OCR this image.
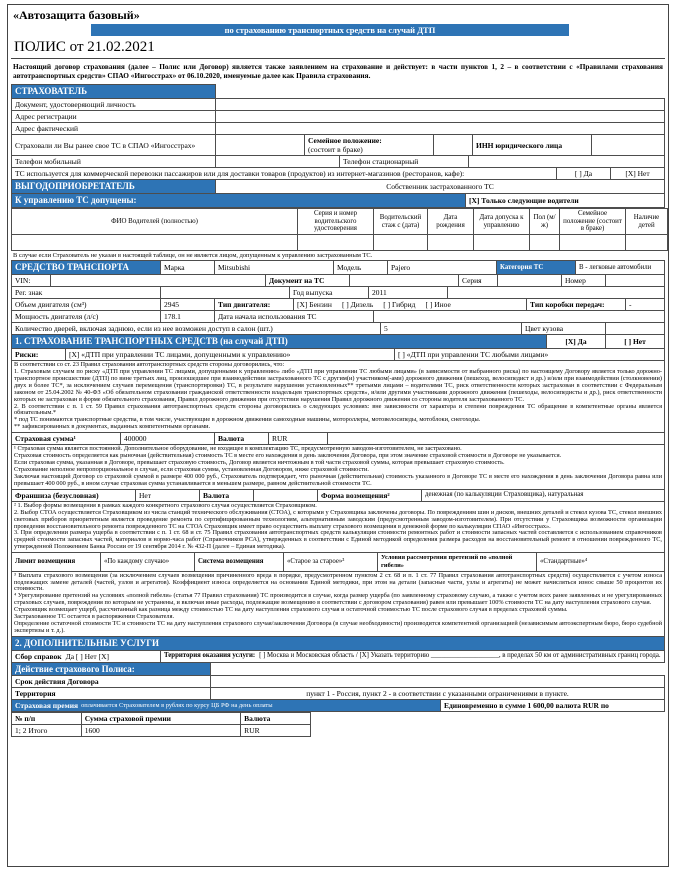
«Автозащита базовый»
по страхованию транспортных средств на случай ДТП
ПОЛИС от 21.02.2021
Настоящий договор страхования (далее – Полис или Договор) является также заявлением на страхование и действует: в части пунктов 1, 2 – в соответствии с «Правилами страхования автотранспортных средств» СПАО «Ингосстрах» от 06.10.2020, именуемые далее как Правила страхования.
СТРАХОВАТЕЛЬ
Документ, удостоверяющий личность
Адрес регистрации
Адрес фактический
Страховали ли Вы ранее свое ТС в СПАО «Ингосстрах»	Семейное положение:
(состоит в браке)	ИНН юридического лица
Телефон мобильный	Телефон стационарный
ТС используется для коммерческой перевозки пассажиров или для доставки товаров (продуктов) из интернет-магазинов (ресторанов, кафе):	[ ] Да	[X] Нет
ВЫГОДОПРИОБРЕТАТЕЛЬ	Собственник застрахованного ТС
К управлению ТС допущены:	[X] Только следующие водители
ФИО Водителей (полностью)	Серия и номер водительского удостоверения	Водительский стаж с (дата)	Дата рождения	Дата допуска к управлению	Пол (м/ж)	Семейное положение (состоит в браке)	Наличие детей

В случае если Страхователь не указан в настоящей таблице, он не является лицом, допущенным к управлению застрахованным ТС.
СРЕДСТВО ТРАНСПОРТА	Марка	Mitsubishi	Модель	Pajero	Категория ТС	В - легковые автомобили
VIN:	Документ на ТС	Серия	Номер
Рег. знак	Год выпуска	2011
Объем двигателя (см³)	2945	Тип двигателя:	[X] Бензин [ ] Дизель [ ] Гибрид [ ] Иное	Тип коробки передач:	-
Мощность двигателя (л/с)	178.1	Дата начала использования ТС
Количество дверей, включая заднюю, если из нее возможен доступ в салон (шт.)	5	Цвет кузова
1. СТРАХОВАНИЕ ТРАНСПОРТНЫХ СРЕДСТВ (на случай ДТП)	[X] Да	[ ] Нет
Риски:	[X] «ДТП при управлении ТС лицами, допущенными к управлению»	[ ] «ДТП при управлении ТС любыми лицами»

В соответствии со ст. 23 Правил страхования автотранспортных средств стороны договорились, что:

1. Страховым случаем по риску «ДТП при управлении ТС лицами, допущенными к управлению» либо «ДТП при управлении ТС любыми лицами» (в зависимости от выбранного риска) по настоящему Договору является только дорожно-транспортное происшествие (ДТП) по вине третьих лиц, произошедшее при взаимодействии застрахованного ТС с другим(и) участником(-ами) дорожного движения (пешеход, велосипедист и др.) и/или при взаимодействии (столкновении) двух и более ТС*, за исключением случаев перемещения (транспортировки) ТС, в результате нарушения установленных** третьими лицами – водителями ТС, риск ответственности которых застрахован в соответствии с Федеральным законом от 25.04.2002 № 40-ФЗ «Об обязательном страховании гражданской ответственности владельцев транспортных средств», и/или другими участниками дорожного движения (пешеходы, велосипедисты и др.), риск ответственности которых не застрахован в форме обязательного страхования, Правил дорожного движения при отсутствии нарушения Правил дорожного движения со стороны водителя застрахованного ТС.

2. В соответствии с п. 1 ст. 59 Правил страхования автотранспортных средств стороны договорились о следующих условиях: вне зависимости от характера и степени повреждения ТС обращение в компетентные органы является обязательным.*

* под ТС понимаются транспортные средства, в том числе, участвующие в дорожном движении самоходные машины, мотороллеры, мотовелосипеды, мотоблоки, снегоходы.

** зафиксированных в документах, выданных компетентными органами.

Страховая сумма¹	400000	Валюта	RUR

¹ Страховая сумма является постоянной. Дополнительное оборудование, не входящее в комплектацию ТС, предусмотренную заводом-изготовителем, не застраховано.

Страховая стоимость определяется как рыночная (действительная) стоимость ТС в месте его нахождения в день заключения Договора, при этом значение страховой стоимости в Договоре не указывается.

Если страховая сумма, указанная в Договоре, превышает страховую стоимость, Договор является ничтожным в той части страховой суммы, которая превышает страховую стоимость.

Страхование неполное непропорциональное в случае, если страховая сумма, установленная Договором, ниже страховой стоимости.

Заключая настоящий Договор со страховой суммой в размере 400 000 руб., Страхователь подтверждает, что рыночная (действительная) стоимость указанного в Договоре ТС в месте его нахождения в день заключения Договора равна или превышает 400 000 руб., в ином случае страховая сумма устанавливается в меньшем размере, равном действительной стоимости ТС.

Франшиза (безусловная)	Нет	Валюта	Форма возмещения²	денежная (по калькуляции Страховщика), натуральная

² 1. Выбор формы возмещения в рамках каждого конкретного страхового случая осуществляется Страховщиком.

2. Выбор СТОА осуществляется Страховщиком из числа станций технического обслуживания (СТОА), с которыми у Страховщика заключены договоры. По повреждениям шин и дисков, внешних деталей и стекол кузова ТС, стекол внешних световых приборов приоритетным является проведение ремонта по сертифицированным технологиям, альтернативным заводским (предусмотренным заводом-изготовителем). При отсутствии у Страховщика возможности организации проведения восстановительного ремонта поврежденного ТС на СТОА Страховщик имеет право осуществить выплату страхового возмещения в денежной форме по калькуляции СПАО «Ингосстрах».

3. При определении размера ущерба в соответствии с п. 1 ст. 68 и ст. 75 Правил страхования автотранспортных средств калькуляция стоимости ремонтных работ и стоимости запасных частей составляется с использованием справочников средней стоимости запасных частей, материалов и нормо-часа работ (Справочников РСА), утвержденных в соответствии с Единой методикой определения размера расходов на восстановительный ремонт в отношении поврежденного ТС, утвержденной Положением Банка России от 19 сентября 2014 г. № 432-П (далее – Единая методика).

Лимит возмещения	«По каждому случаю»	Система возмещения	«Старое за старое»³
Условия рассмотрения претензий по «полной гибели»
«Стандартные»⁴

³ Выплата страхового возмещения (за исключением случаев возмещения причиненного вреда в порядке, предусмотренном пунктом 2 ст. 68 и п. 1 ст. 77 Правил страхования автотранспортных средств) осуществляется с учетом износа подлежащих замене деталей (частей, узлов и агрегатов). Коэффициент износа определяется на основании Единой методики, при этом на детали (запасные части, узлы и агрегаты) не может начисляться износ свыше 50 процентов их стоимости.

⁴ Урегулирование претензий на условиях «полной гибели» (статья 77 Правил страхования) ТС производится в случае, когда размер ущерба (по заявленному страховому случаю, а также с учетом всех ранее заявленных и не урегулированных страховых случаев, повреждения по которым не устранены, и включая иные расходы, подлежащие возмещению в соответствии с договором страхования) равен или превышает 100% стоимости ТС на дату наступления страхового случая.

Страховщик возмещает ущерб, рассчитанный как разница между стоимостью ТС на дату наступления страхового случая и остаточной стоимостью ТС после страхового случая в пределах страховой суммы.

Застрахованное ТС остается в распоряжении Страхователя.

Определение остаточной стоимости ТС и стоимости ТС на дату наступления страхового случая/заключения Договора (в случае необходимости) производится компетентной организацией (независимым автоэкспертным бюро, бюро судебной экспертизы и т. д.).

2. ДОПОЛНИТЕЛЬНЫЕ УСЛУГИ
Сбор справок Да [ ] Нет [X]	Территория оказания услуги: [ ] Москва и Московская область / [X] Указать территорию ____________________, в пределах 50 км от административных границ города.
Действие страхового Полиса:
Срок действия Договора
Территория	пункт 1 - Россия, пункт 2 - в соответствии с указанными ограничениями в пункте.
Страховая премия оплачивается Страхователем в рублях по курсу ЦБ РФ на день оплаты	Единовременно в сумме 1 600,00 валюта RUR по
№ п/п	Сумма страховой премии	Валюта
1; 2 Итого	1600	RUR
